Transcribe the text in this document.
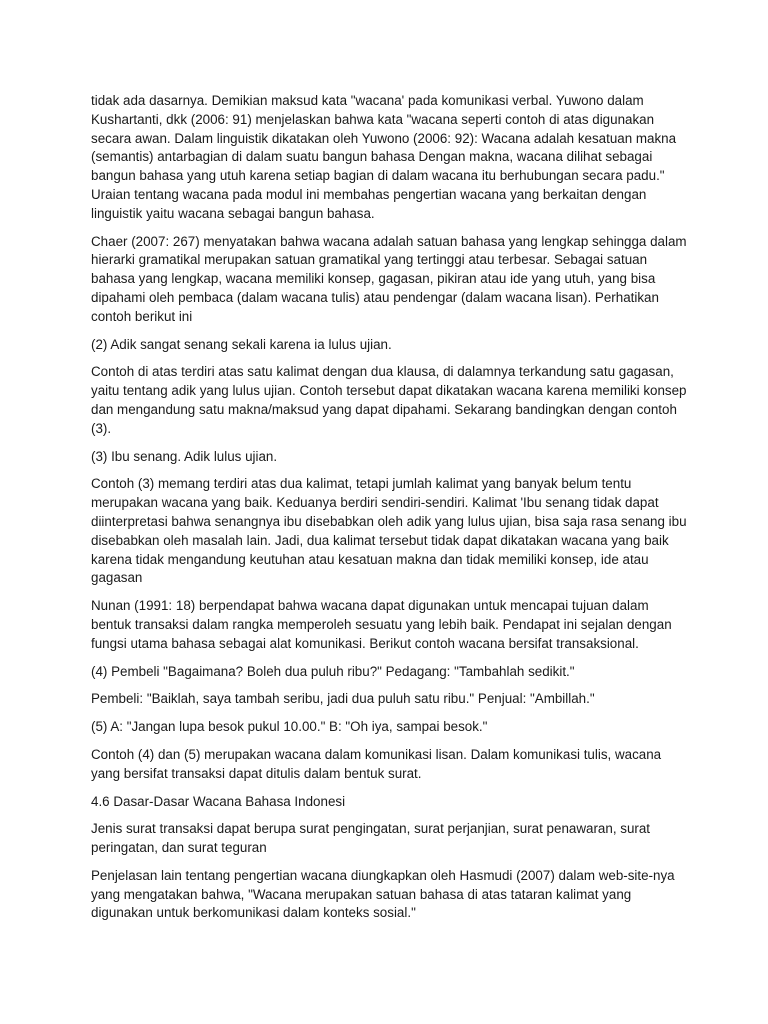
tidak ada dasarnya. Demikian maksud kata "wacana' pada komunikasi verbal. Yuwono dalam Kushartanti, dkk (2006: 91) menjelaskan bahwa kata "wacana seperti contoh di atas digunakan secara awan. Dalam linguistik dikatakan oleh Yuwono (2006: 92): Wacana adalah kesatuan makna (semantis) antarbagian di dalam suatu bangun bahasa Dengan makna, wacana dilihat sebagai bangun bahasa yang utuh karena setiap bagian di dalam wacana itu berhubungan secara padu." Uraian tentang wacana pada modul ini membahas pengertian wacana yang berkaitan dengan linguistik yaitu wacana sebagai bangun bahasa.

Chaer (2007: 267) menyatakan bahwa wacana adalah satuan bahasa yang lengkap sehingga dalam hierarki gramatikal merupakan satuan gramatikal yang tertinggi atau terbesar. Sebagai satuan bahasa yang lengkap, wacana memiliki konsep, gagasan, pikiran atau ide yang utuh, yang bisa dipahami oleh pembaca (dalam wacana tulis) atau pendengar (dalam wacana lisan). Perhatikan contoh berikut ini

(2) Adik sangat senang sekali karena ia lulus ujian.

Contoh di atas terdiri atas satu kalimat dengan dua klausa, di dalamnya terkandung satu gagasan, yaitu tentang adik yang lulus ujian. Contoh tersebut dapat dikatakan wacana karena memiliki konsep dan mengandung satu makna/maksud yang dapat dipahami. Sekarang bandingkan dengan contoh (3).

(3) Ibu senang. Adik lulus ujian.

Contoh (3) memang terdiri atas dua kalimat, tetapi jumlah kalimat yang banyak belum tentu merupakan wacana yang baik. Keduanya berdiri sendiri-sendiri. Kalimat 'Ibu senang tidak dapat diinterpretasi bahwa senangnya ibu disebabkan oleh adik yang lulus ujian, bisa saja rasa senang ibu disebabkan oleh masalah lain. Jadi, dua kalimat tersebut tidak dapat dikatakan wacana yang baik karena tidak mengandung keutuhan atau kesatuan makna dan tidak memiliki konsep, ide atau gagasan

Nunan (1991: 18) berpendapat bahwa wacana dapat digunakan untuk mencapai tujuan dalam bentuk transaksi dalam rangka memperoleh sesuatu yang lebih baik. Pendapat ini sejalan dengan fungsi utama bahasa sebagai alat komunikasi. Berikut contoh wacana bersifat transaksional.

(4) Pembeli "Bagaimana? Boleh dua puluh ribu?" Pedagang: "Tambahlah sedikit."

Pembeli: "Baiklah, saya tambah seribu, jadi dua puluh satu ribu." Penjual: "Ambillah."

(5) A: "Jangan lupa besok pukul 10.00." B: "Oh iya, sampai besok."

Contoh (4) dan (5) merupakan wacana dalam komunikasi lisan. Dalam komunikasi tulis, wacana yang bersifat transaksi dapat ditulis dalam bentuk surat.

4.6 Dasar-Dasar Wacana Bahasa Indonesi

Jenis surat transaksi dapat berupa surat pengingatan, surat perjanjian, surat penawaran, surat peringatan, dan surat teguran

Penjelasan lain tentang pengertian wacana diungkapkan oleh Hasmudi (2007) dalam web-site-nya yang mengatakan bahwa, "Wacana merupakan satuan bahasa di atas tataran kalimat yang digunakan untuk berkomunikasi dalam konteks sosial."
